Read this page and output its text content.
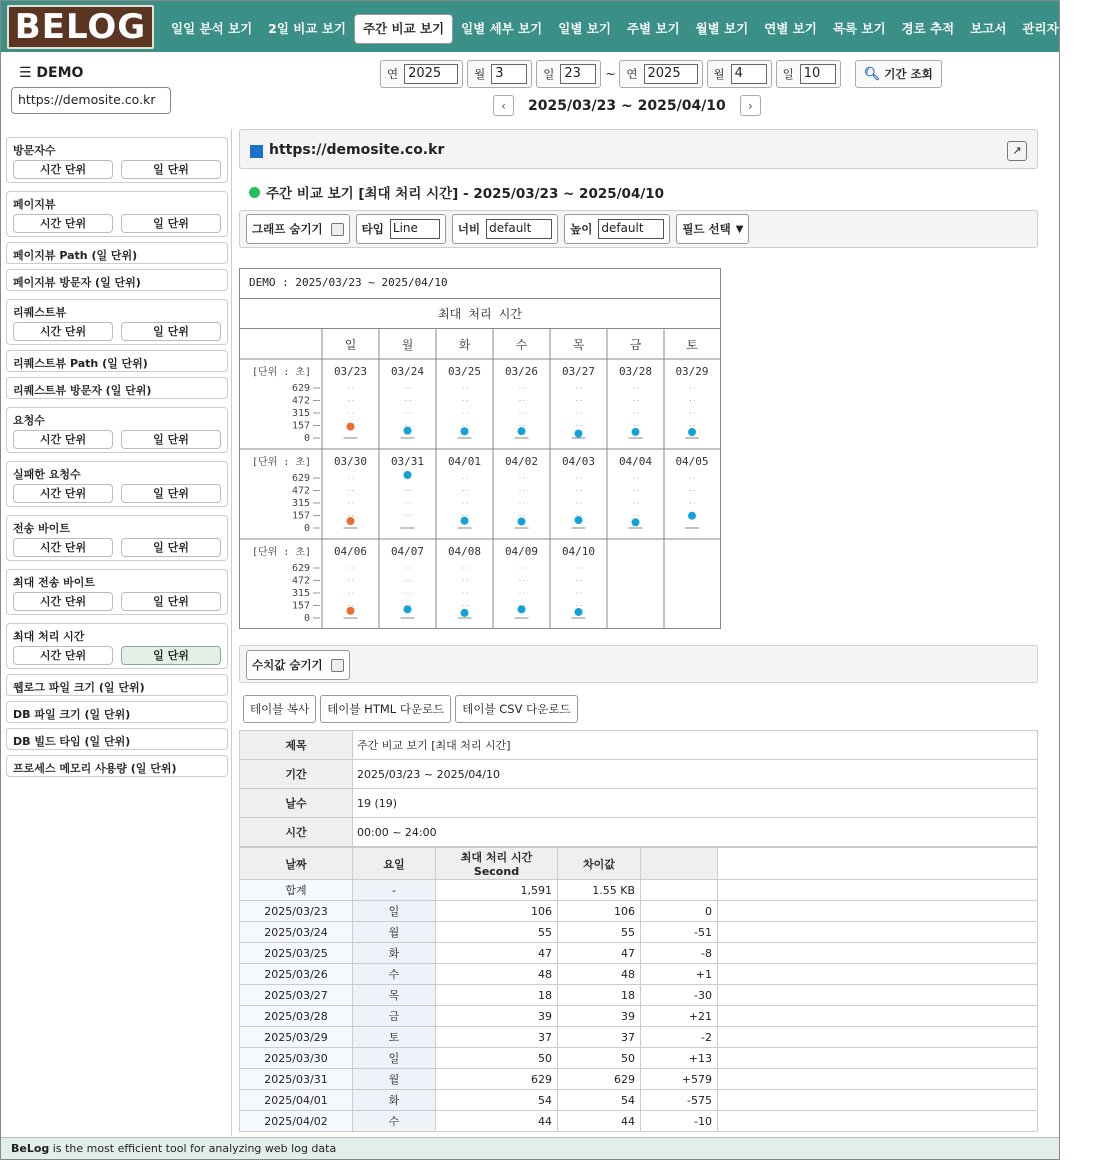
BELOG	일일 분석 보기	2일 비교 보기	주간 비교 보기	일별 세부 보기	일별 보기	주별 보기	월별 보기	연별 보기	목록 보기	경로 추적	보고서	관리자 페이지
☰ DEMO
https://demosite.co.kr
연 2025	월 3	일 23	~ 연 2025	월 4	일 10	🔍︎ 기간 조회
‹ 2025/03/23 ~ 2025/04/10 ›
방문자수
시간 단위	일 단위
페이지뷰
시간 단위	일 단위
페이지뷰 Path (일 단위)
페이지뷰 방문자 (일 단위)
리퀘스트뷰
시간 단위	일 단위
리퀘스트뷰 Path (일 단위)
리퀘스트뷰 방문자 (일 단위)
요청수
시간 단위	일 단위
실패한 요청수
시간 단위	일 단위
전송 바이트
시간 단위	일 단위
최대 전송 바이트
시간 단위	일 단위
최대 처리 시간
시간 단위	일 단위
웹로그 파일 크기 (일 단위)
DB 파일 크기 (일 단위)
DB 빌드 타임 (일 단위)
프로세스 메모리 사용량 (일 단위)
https://demosite.co.kr	↗
주간 비교 보기 [최대 처리 시간] - 2025/03/23 ~ 2025/04/10
그래프 숨기기	타입 Line	너비 default	높이 default	필드 선택 ▼
DEMO : 2025/03/23 ~ 2025/04/10
최대 처리 시간
일	월	화	수	목	금	토
[단위 : 초]
629
472
315
157
0
03/23 03/24 03/25 03/26 03/27 03/28 03/29
[단위 : 초]
629
472
315
157
0
03/30 03/31 04/01 04/02 04/03 04/04 04/05
[단위 : 초]
629
472
315
157
0
04/06 04/07 04/08 04/09 04/10
수치값 숨기기
테이블 복사	테이블 HTML 다운로드	테이블 CSV 다운로드
제목	주간 비교 보기 [최대 처리 시간]
기간	2025/03/23 ~ 2025/04/10
날수	19 (19)
시간	00:00 ~ 24:00
날짜	요일	최대 처리 시간 Second	차이값		
합계	-	1,591	1.55 KB		
2025/03/23	일	106	106	0	
2025/03/24	월	55	55	-51	
2025/03/25	화	47	47	-8	
2025/03/26	수	48	48	+1	
2025/03/27	목	18	18	-30	
2025/03/28	금	39	39	+21	
2025/03/29	토	37	37	-2	
2025/03/30	일	50	50	+13	
2025/03/31	월	629	629	+579	
2025/04/01	화	54	54	-575	
2025/04/02	수	44	44	-10	
BeLog is the most efficient tool for analyzing web log data
